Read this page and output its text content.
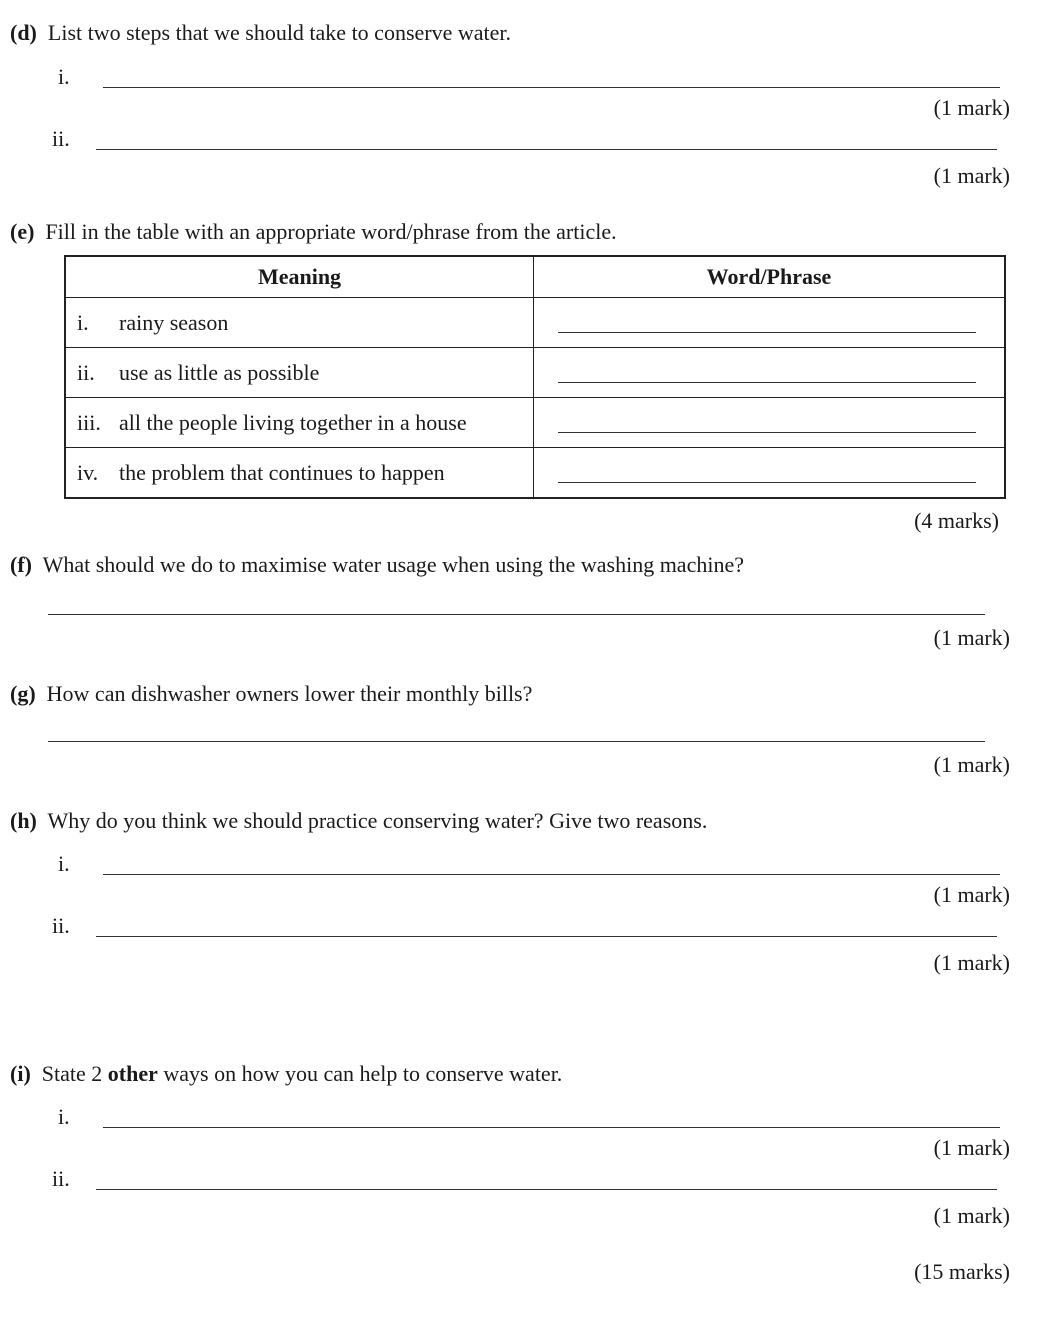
(d) List two steps that we should take to conserve water.
i.
(1 mark)
ii.
(1 mark)
(e) Fill in the table with an appropriate word/phrase from the article.
Meaning	Word/Phrase
i. rainy season	

ii. use as little as possible	

iii. all the people living together in a house	

iv. the problem that continues to happen	
(4 marks)
(f) What should we do to maximise water usage when using the washing machine?
(1 mark)
(g) How can dishwasher owners lower their monthly bills?
(1 mark)
(h) Why do you think we should practice conserving water? Give two reasons.
i.
(1 mark)
ii.
(1 mark)
(i) State 2 other ways on how you can help to conserve water.
i.
(1 mark)
ii.
(1 mark)
(15 marks)
